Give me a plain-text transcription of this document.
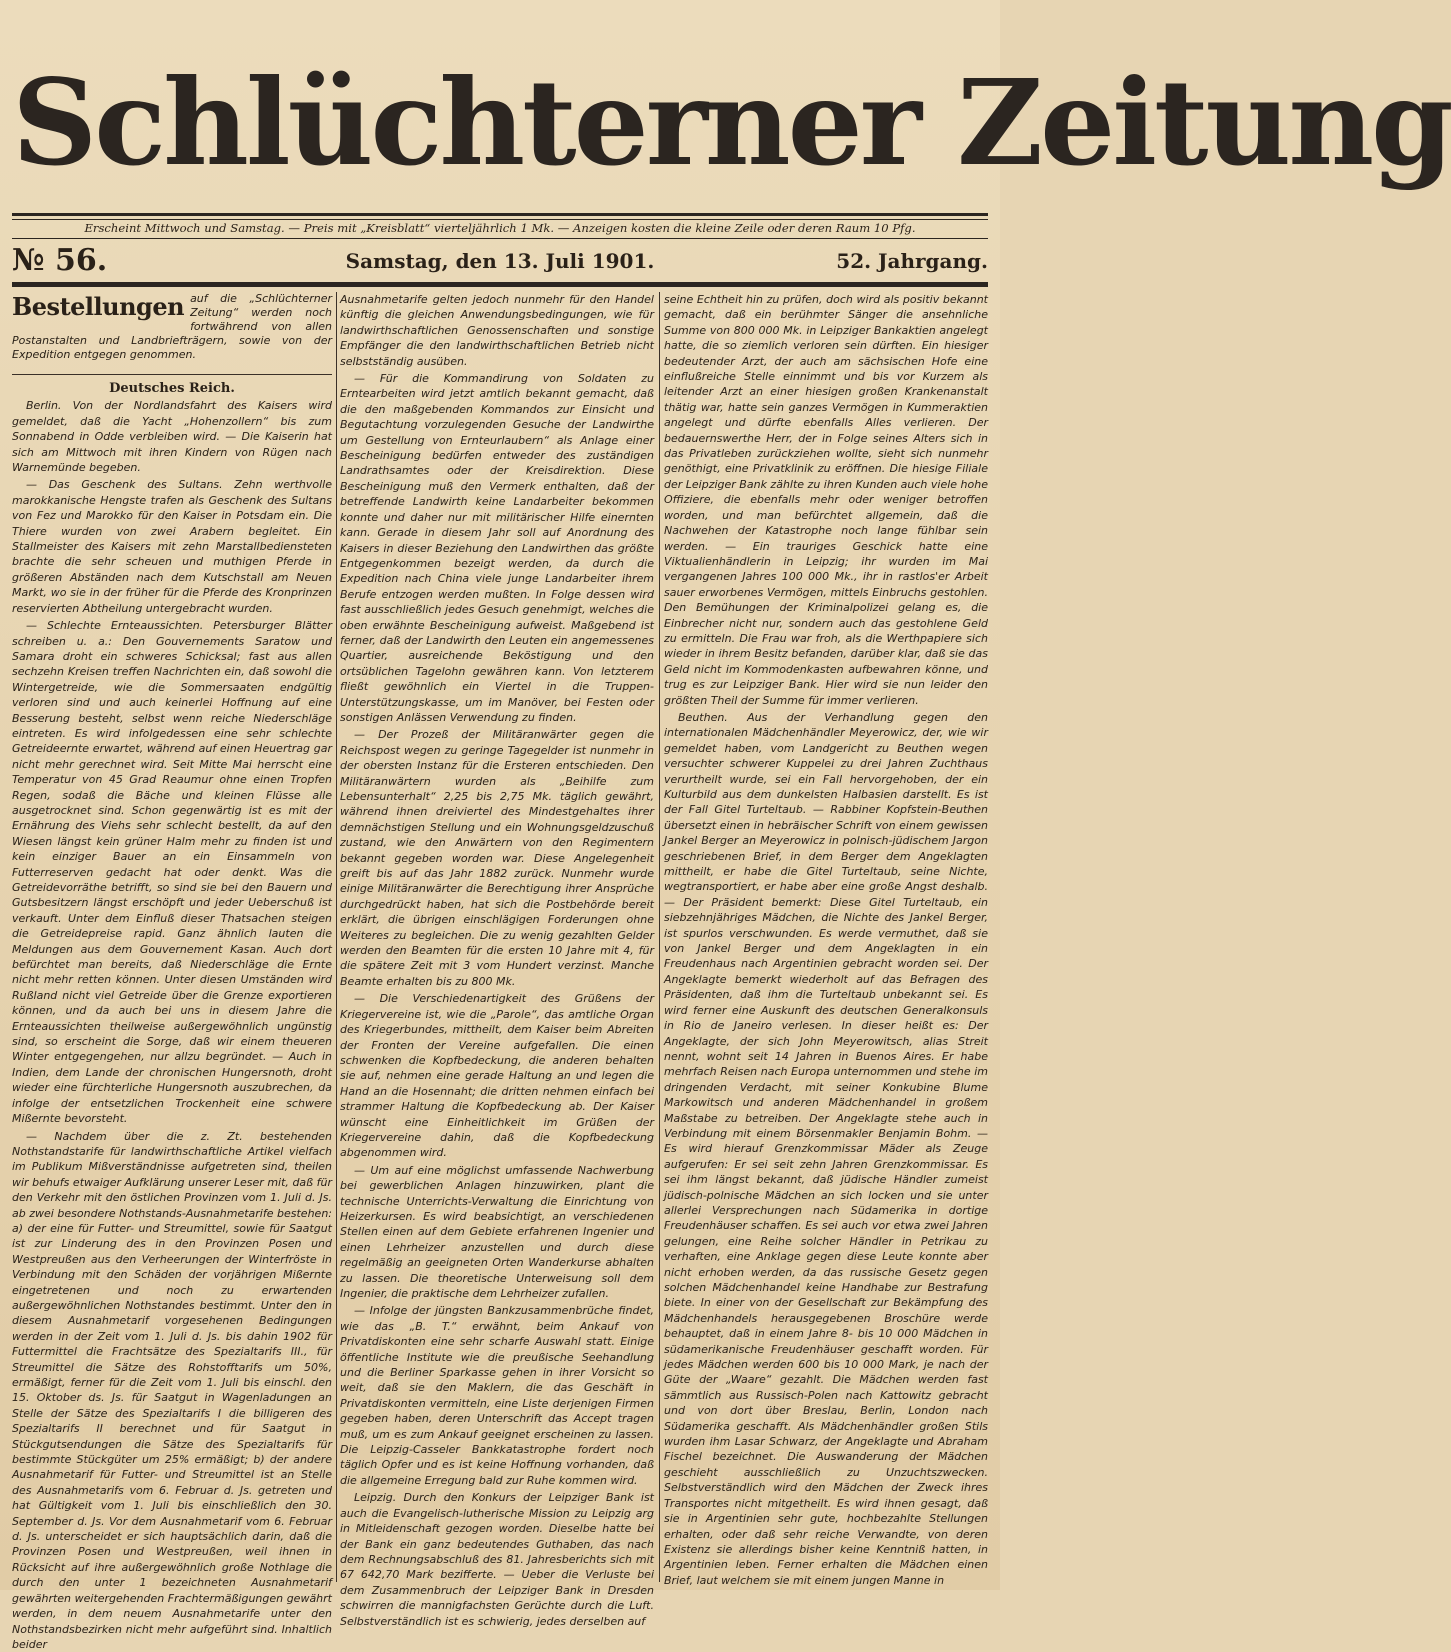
Schlüchterner Zeitung
Erscheint Mittwoch und Samstag. — Preis mit „Kreisblatt“ vierteljährlich 1 Mk. — Anzeigen kosten die kleine Zeile oder deren Raum 10 Pfg.
Samstag, den 13. Juli 1901.
№ 56.	52. Jahrgang.
Bestellungen auf die „Schlüchterner Zeitung“ werden noch fortwährend von allen Postanstalten und Landbriefträgern, sowie von der Expedition entgegen genommen.
Deutsches Reich.

Berlin. Von der Nordlandsfahrt des Kaisers wird gemeldet, daß die Yacht „Hohenzollern“ bis zum Sonnabend in Odde verbleiben wird. — Die Kaiserin hat sich am Mittwoch mit ihren Kindern von Rügen nach Warnemünde begeben.

— Das Geschenk des Sultans. Zehn werthvolle marokkanische Hengste trafen als Geschenk des Sultans von Fez und Marokko für den Kaiser in Potsdam ein. Die Thiere wurden von zwei Arabern begleitet. Ein Stallmeister des Kaisers mit zehn Marstallbediensteten brachte die sehr scheuen und muthigen Pferde in größeren Abständen nach dem Kutschstall am Neuen Markt, wo sie in der früher für die Pferde des Kronprinzen reservierten Abtheilung untergebracht wurden.

— Schlechte Ernteaussichten. Petersburger Blätter schreiben u. a.: Den Gouvernements Saratow und Samara droht ein schweres Schicksal; fast aus allen sechzehn Kreisen treffen Nachrichten ein, daß sowohl die Wintergetreide, wie die Sommersaaten endgültig verloren sind und auch keinerlei Hoffnung auf eine Besserung besteht, selbst wenn reiche Niederschläge eintreten. Es wird infolgedessen eine sehr schlechte Getreideernte erwartet, während auf einen Heuertrag gar nicht mehr gerechnet wird. Seit Mitte Mai herrscht eine Temperatur von 45 Grad Reaumur ohne einen Tropfen Regen, sodaß die Bäche und kleinen Flüsse alle ausgetrocknet sind. Schon gegenwärtig ist es mit der Ernährung des Viehs sehr schlecht bestellt, da auf den Wiesen längst kein grüner Halm mehr zu finden ist und kein einziger Bauer an ein Einsammeln von Futterreserven gedacht hat oder denkt. Was die Getreidevorräthe betrifft, so sind sie bei den Bauern und Gutsbesitzern längst erschöpft und jeder Ueberschuß ist verkauft. Unter dem Einfluß dieser Thatsachen steigen die Getreidepreise rapid. Ganz ähnlich lauten die Meldungen aus dem Gouvernement Kasan. Auch dort befürchtet man bereits, daß Niederschläge die Ernte nicht mehr retten können. Unter diesen Umständen wird Rußland nicht viel Getreide über die Grenze exportieren können, und da auch bei uns in diesem Jahre die Ernteaussichten theilweise außergewöhnlich ungünstig sind, so erscheint die Sorge, daß wir einem theueren Winter entgegengehen, nur allzu begründet. — Auch in Indien, dem Lande der chronischen Hungersnoth, droht wieder eine fürchterliche Hungersnoth auszubrechen, da infolge der entsetzlichen Trockenheit eine schwere Mißernte bevorsteht.

— Nachdem über die z. Zt. bestehenden Nothstandstarife für landwirthschaftliche Artikel vielfach im Publikum Mißverständnisse aufgetreten sind, theilen wir behufs etwaiger Aufklärung unserer Leser mit, daß für den Verkehr mit den östlichen Provinzen vom 1. Juli d. Js. ab zwei besondere Nothstands-Ausnahmetarife bestehen: a) der eine für Futter- und Streumittel, sowie für Saatgut ist zur Linderung des in den Provinzen Posen und Westpreußen aus den Verheerungen der Winterfröste in Verbindung mit den Schäden der vorjährigen Mißernte eingetretenen und noch zu erwartenden außergewöhnlichen Nothstandes bestimmt. Unter den in diesem Ausnahmetarif vorgesehenen Bedingungen werden in der Zeit vom 1. Juli d. Js. bis dahin 1902 für Futtermittel die Frachtsätze des Spezialtarifs III., für Streumittel die Sätze des Rohstofftarifs um 50%, ermäßigt, ferner für die Zeit vom 1. Juli bis einschl. den 15. Oktober ds. Js. für Saatgut in Wagenladungen an Stelle der Sätze des Spezialtarifs I die billigeren des Spezialtarifs II berechnet und für Saatgut in Stückgutsendungen die Sätze des Spezialtarifs für bestimmte Stückgüter um 25% ermäßigt; b) der andere Ausnahmetarif für Futter- und Streumittel ist an Stelle des Ausnahmetarifs vom 6. Februar d. Js. getreten und hat Gültigkeit vom 1. Juli bis einschließlich den 30. September d. Js. Vor dem Ausnahmetarif vom 6. Februar d. Js. unterscheidet er sich hauptsächlich darin, daß die Provinzen Posen und Westpreußen, weil ihnen in Rücksicht auf ihre außergewöhnlich große Nothlage die durch den unter 1 bezeichneten Ausnahmetarif gewährten weitergehenden Frachtermäßigungen gewährt werden, in dem neuem Ausnahmetarife unter den Nothstandsbezirken nicht mehr aufgeführt sind. Inhaltlich beider

Ausnahmetarife gelten jedoch nunmehr für den Handel künftig die gleichen Anwendungsbedingungen, wie für landwirthschaftlichen Genossenschaften und sonstige Empfänger die den landwirthschaftlichen Betrieb nicht selbstständig ausüben.

— Für die Kommandirung von Soldaten zu Erntearbeiten wird jetzt amtlich bekannt gemacht, daß die den maßgebenden Kommandos zur Einsicht und Begutachtung vorzulegenden Gesuche der Landwirthe um Gestellung von Ernteurlaubern“ als Anlage einer Bescheinigung bedürfen entweder des zuständigen Landrathsamtes oder der Kreisdirektion. Diese Bescheinigung muß den Vermerk enthalten, daß der betreffende Landwirth keine Landarbeiter bekommen konnte und daher nur mit militärischer Hilfe einernten kann. Gerade in diesem Jahr soll auf Anordnung des Kaisers in dieser Beziehung den Landwirthen das größte Entgegenkommen bezeigt werden, da durch die Expedition nach China viele junge Landarbeiter ihrem Berufe entzogen werden mußten. In Folge dessen wird fast ausschließlich jedes Gesuch genehmigt, welches die oben erwähnte Bescheinigung aufweist. Maßgebend ist ferner, daß der Landwirth den Leuten ein angemessenes Quartier, ausreichende Beköstigung und den ortsüblichen Tagelohn gewähren kann. Von letzterem fließt gewöhnlich ein Viertel in die Truppen-Unterstützungskasse, um im Manöver, bei Festen oder sonstigen Anlässen Verwendung zu finden.

— Der Prozeß der Militäranwärter gegen die Reichspost wegen zu geringe Tagegelder ist nunmehr in der obersten Instanz für die Ersteren entschieden. Den Militäranwärtern wurden als „Beihilfe zum Lebensunterhalt“ 2,25 bis 2,75 Mk. täglich gewährt, während ihnen dreiviertel des Mindestgehaltes ihrer demnächstigen Stellung und ein Wohnungsgeldzuschuß zustand, wie den Anwärtern von den Regimentern bekannt gegeben worden war. Diese Angelegenheit greift bis auf das Jahr 1882 zurück. Nunmehr wurde einige Militäranwärter die Berechtigung ihrer Ansprüche durchgedrückt haben, hat sich die Postbehörde bereit erklärt, die übrigen einschlägigen Forderungen ohne Weiteres zu begleichen. Die zu wenig gezahlten Gelder werden den Beamten für die ersten 10 Jahre mit 4, für die spätere Zeit mit 3 vom Hundert verzinst. Manche Beamte erhalten bis zu 800 Mk.

— Die Verschiedenartigkeit des Grüßens der Kriegervereine ist, wie die „Parole“, das amtliche Organ des Kriegerbundes, mittheilt, dem Kaiser beim Abreiten der Fronten der Vereine aufgefallen. Die einen schwenken die Kopfbedeckung, die anderen behalten sie auf, nehmen eine gerade Haltung an und legen die Hand an die Hosennaht; die dritten nehmen einfach bei strammer Haltung die Kopfbedeckung ab. Der Kaiser wünscht eine Einheitlichkeit im Grüßen der Kriegervereine dahin, daß die Kopfbedeckung abgenommen wird.

— Um auf eine möglichst umfassende Nachwerbung bei gewerblichen Anlagen hinzuwirken, plant die technische Unterrichts-Verwaltung die Einrichtung von Heizerkursen. Es wird beabsichtigt, an verschiedenen Stellen einen auf dem Gebiete erfahrenen Ingenier und einen Lehrheizer anzustellen und durch diese regelmäßig an geeigneten Orten Wanderkurse abhalten zu lassen. Die theoretische Unterweisung soll dem Ingenier, die praktische dem Lehrheizer zufallen.

— Infolge der jüngsten Bankzusammenbrüche findet, wie das „B. T.“ erwähnt, beim Ankauf von Privatdiskonten eine sehr scharfe Auswahl statt. Einige öffentliche Institute wie die preußische Seehandlung und die Berliner Sparkasse gehen in ihrer Vorsicht so weit, daß sie den Maklern, die das Geschäft in Privatdiskonten vermitteln, eine Liste derjenigen Firmen gegeben haben, deren Unterschrift das Accept tragen muß, um es zum Ankauf geeignet erscheinen zu lassen. Die Leipzig-Casseler Bankkatastrophe fordert noch täglich Opfer und es ist keine Hoffnung vorhanden, daß die allgemeine Erregung bald zur Ruhe kommen wird.

Leipzig. Durch den Konkurs der Leipziger Bank ist auch die Evangelisch-lutherische Mission zu Leipzig arg in Mitleidenschaft gezogen worden. Dieselbe hatte bei der Bank ein ganz bedeutendes Guthaben, das nach dem Rechnungsabschluß des 81. Jahresberichts sich mit 67 642,70 Mark bezifferte. — Ueber die Verluste bei dem Zusammenbruch der Leipziger Bank in Dresden schwirren die mannigfachsten Gerüchte durch die Luft. Selbstverständlich ist es schwierig, jedes derselben auf

seine Echtheit hin zu prüfen, doch wird als positiv bekannt gemacht, daß ein berühmter Sänger die ansehnliche Summe von 800 000 Mk. in Leipziger Bankaktien angelegt hatte, die so ziemlich verloren sein dürften. Ein hiesiger bedeutender Arzt, der auch am sächsischen Hofe eine einflußreiche Stelle einnimmt und bis vor Kurzem als leitender Arzt an einer hiesigen großen Krankenanstalt thätig war, hatte sein ganzes Vermögen in Kummeraktien angelegt und dürfte ebenfalls Alles verlieren. Der bedauernswerthe Herr, der in Folge seines Alters sich in das Privatleben zurückziehen wollte, sieht sich nunmehr genöthigt, eine Privatklinik zu eröffnen. Die hiesige Filiale der Leipziger Bank zählte zu ihren Kunden auch viele hohe Offiziere, die ebenfalls mehr oder weniger betroffen worden, und man befürchtet allgemein, daß die Nachwehen der Katastrophe noch lange fühlbar sein werden. — Ein trauriges Geschick hatte eine Viktualienhändlerin in Leipzig; ihr wurden im Mai vergangenen Jahres 100 000 Mk., ihr in rastlos'er Arbeit sauer erworbenes Vermögen, mittels Einbruchs gestohlen. Den Bemühungen der Kriminalpolizei gelang es, die Einbrecher nicht nur, sondern auch das gestohlene Geld zu ermitteln. Die Frau war froh, als die Werthpapiere sich wieder in ihrem Besitz befanden, darüber klar, daß sie das Geld nicht im Kommodenkasten aufbewahren könne, und trug es zur Leipziger Bank. Hier wird sie nun leider den größten Theil der Summe für immer verlieren.

Beuthen. Aus der Verhandlung gegen den internationalen Mädchenhändler Meyerowicz, der, wie wir gemeldet haben, vom Landgericht zu Beuthen wegen versuchter schwerer Kuppelei zu drei Jahren Zuchthaus verurtheilt wurde, sei ein Fall hervorgehoben, der ein Kulturbild aus dem dunkelsten Halbasien darstellt. Es ist der Fall Gitel Turteltaub. — Rabbiner Kopfstein-Beuthen übersetzt einen in hebräischer Schrift von einem gewissen Jankel Berger an Meyerowicz in polnisch-jüdischem Jargon geschriebenen Brief, in dem Berger dem Angeklagten mittheilt, er habe die Gitel Turteltaub, seine Nichte, wegtransportiert, er habe aber eine große Angst deshalb. — Der Präsident bemerkt: Diese Gitel Turteltaub, ein siebzehnjähriges Mädchen, die Nichte des Jankel Berger, ist spurlos verschwunden. Es werde vermuthet, daß sie von Jankel Berger und dem Angeklagten in ein Freudenhaus nach Argentinien gebracht worden sei. Der Angeklagte bemerkt wiederholt auf das Befragen des Präsidenten, daß ihm die Turteltaub unbekannt sei. Es wird ferner eine Auskunft des deutschen Generalkonsuls in Rio de Janeiro verlesen. In dieser heißt es: Der Angeklagte, der sich John Meyerowitsch, alias Streit nennt, wohnt seit 14 Jahren in Buenos Aires. Er habe mehrfach Reisen nach Europa unternommen und stehe im dringenden Verdacht, mit seiner Konkubine Blume Markowitsch und anderen Mädchenhandel in großem Maßstabe zu betreiben. Der Angeklagte stehe auch in Verbindung mit einem Börsenmakler Benjamin Bohm. — Es wird hierauf Grenzkommissar Mäder als Zeuge aufgerufen: Er sei seit zehn Jahren Grenzkommissar. Es sei ihm längst bekannt, daß jüdische Händler zumeist jüdisch-polnische Mädchen an sich locken und sie unter allerlei Versprechungen nach Südamerika in dortige Freudenhäuser schaffen. Es sei auch vor etwa zwei Jahren gelungen, eine Reihe solcher Händler in Petrikau zu verhaften, eine Anklage gegen diese Leute konnte aber nicht erhoben werden, da das russische Gesetz gegen solchen Mädchenhandel keine Handhabe zur Bestrafung biete. In einer von der Gesellschaft zur Bekämpfung des Mädchenhandels herausgegebenen Broschüre werde behauptet, daß in einem Jahre 8- bis 10 000 Mädchen in südamerikanische Freudenhäuser geschafft worden. Für jedes Mädchen werden 600 bis 10 000 Mark, je nach der Güte der „Waare“ gezahlt. Die Mädchen werden fast sämmtlich aus Russisch-Polen nach Kattowitz gebracht und von dort über Breslau, Berlin, London nach Südamerika geschafft. Als Mädchenhändler großen Stils wurden ihm Lasar Schwarz, der Angeklagte und Abraham Fischel bezeichnet. Die Auswanderung der Mädchen geschieht ausschließlich zu Unzuchtszwecken. Selbstverständlich wird den Mädchen der Zweck ihres Transportes nicht mitgetheilt. Es wird ihnen gesagt, daß sie in Argentinien sehr gute, hochbezahlte Stellungen erhalten, oder daß sehr reiche Verwandte, von deren Existenz sie allerdings bisher keine Kenntniß hatten, in Argentinien leben. Ferner erhalten die Mädchen einen Brief, laut welchem sie mit einem jungen Manne in
